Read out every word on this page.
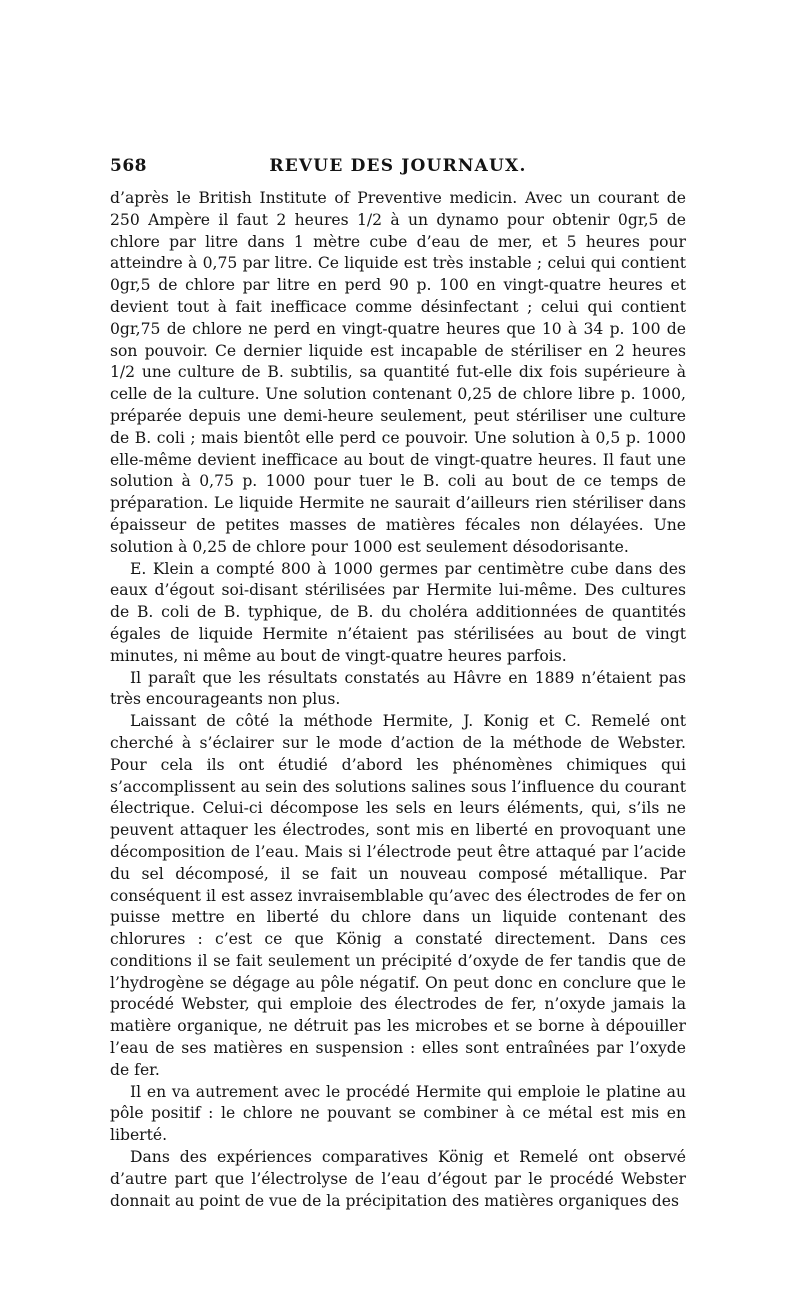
568	REVUE DES JOURNAUX.

d’après le British Institute of Preventive medicin. Avec un courant de 250 Ampère il faut 2 heures 1/2 à un dynamo pour obtenir 0gr,5 de chlore par litre dans 1 mètre cube d’eau de mer, et 5 heures pour atteindre à 0,75 par litre. Ce liquide est très instable ; celui qui contient 0gr,5 de chlore par litre en perd 90 p. 100 en vingt-quatre heures et devient tout à fait inefficace comme désinfectant ; celui qui contient 0gr,75 de chlore ne perd en vingt-quatre heures que 10 à 34 p. 100 de son pouvoir. Ce dernier liquide est incapable de stériliser en 2 heures 1/2 une culture de B. subtilis, sa quantité fut-elle dix fois supérieure à celle de la culture. Une solution contenant 0,25 de chlore libre p. 1000, préparée depuis une demi-heure seulement, peut stériliser une culture de B. coli ; mais bientôt elle perd ce pouvoir. Une solution à 0,5 p. 1000 elle-même devient inefficace au bout de vingt-quatre heures. Il faut une solution à 0,75 p. 1000 pour tuer le B. coli au bout de ce temps de préparation. Le liquide Hermite ne saurait d’ailleurs rien stériliser dans épaisseur de petites masses de matières fécales non délayées. Une solution à 0,25 de chlore pour 1000 est seulement désodorisante.

E. Klein a compté 800 à 1000 germes par centimètre cube dans des eaux d’égout soi-disant stérilisées par Hermite lui-même. Des cultures de B. coli de B. typhique, de B. du choléra additionnées de quantités égales de liquide Hermite n’étaient pas stérilisées au bout de vingt minutes, ni même au bout de vingt-quatre heures parfois.

Il paraît que les résultats constatés au Hâvre en 1889 n’étaient pas très encourageants non plus.

Laissant de côté la méthode Hermite, J. Konig et C. Remelé ont cherché à s’éclairer sur le mode d’action de la méthode de Webster. Pour cela ils ont étudié d’abord les phénomènes chimiques qui s’accomplissent au sein des solutions salines sous l’influence du courant électrique. Celui-ci décompose les sels en leurs éléments, qui, s’ils ne peuvent attaquer les électrodes, sont mis en liberté en provoquant une décomposition de l’eau. Mais si l’électrode peut être attaqué par l’acide du sel décomposé, il se fait un nouveau composé métallique. Par conséquent il est assez invraisemblable qu’avec des électrodes de fer on puisse mettre en liberté du chlore dans un liquide contenant des chlorures : c’est ce que König a constaté directement. Dans ces conditions il se fait seulement un précipité d’oxyde de fer tandis que de l’hydrogène se dégage au pôle négatif. On peut donc en conclure que le procédé Webster, qui emploie des électrodes de fer, n’oxyde jamais la matière organique, ne détruit pas les microbes et se borne à dépouiller l’eau de ses matières en suspension : elles sont entraînées par l’oxyde de fer.

Il en va autrement avec le procédé Hermite qui emploie le platine au pôle positif : le chlore ne pouvant se combiner à ce métal est mis en liberté.

Dans des expériences comparatives König et Remelé ont observé d’autre part que l’électrolyse de l’eau d’égout par le procédé Webster donnait au point de vue de la précipitation des matières organiques des
